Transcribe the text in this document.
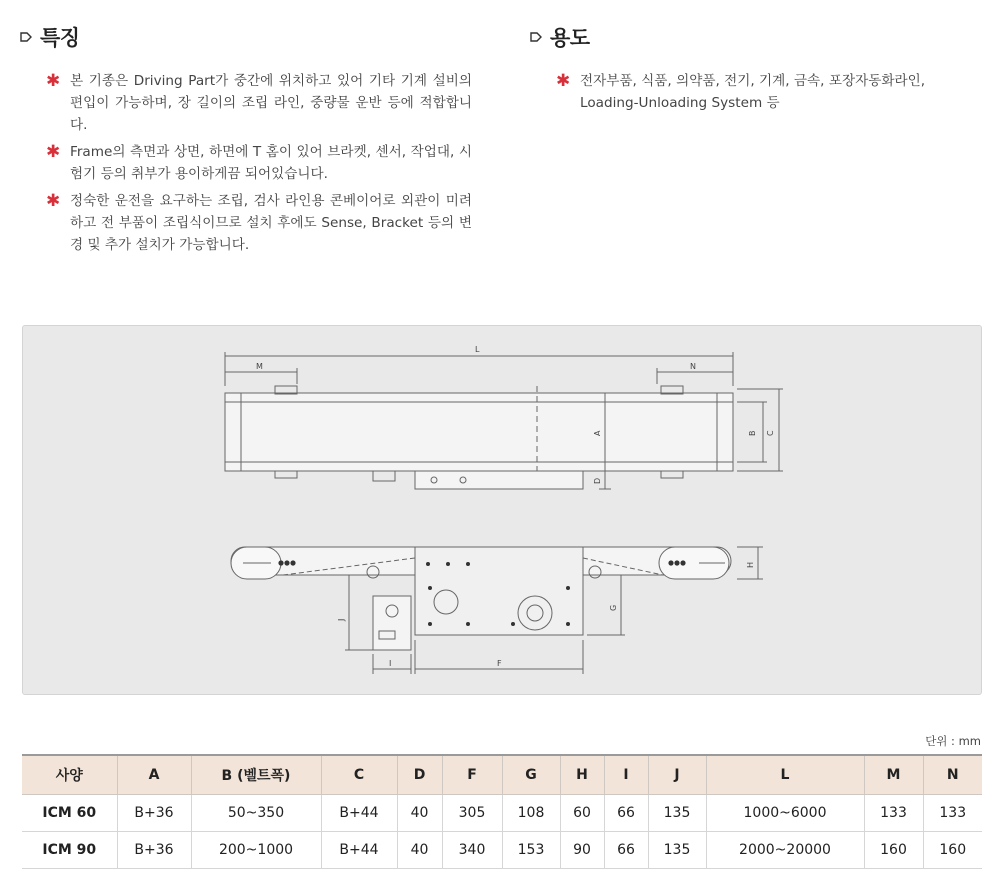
특징
✱ 본 기종은 Driving Part가 중간에 위치하고 있어 기타 기계 설비의 편입이 가능하며, 장 길이의 조립 라인, 중량물 운반 등에 적합합니다.
✱ Frame의 측면과 상면, 하면에 T 홈이 있어 브라켓, 센서, 작업대, 시험기 등의 취부가 용이하게끔 되어있습니다.
✱ 정숙한 운전을 요구하는 조립, 검사 라인용 콘베이어로 외관이 미려하고 전 부품이 조립식이므로 설치 후에도 Sense, Bracket 등의 변경 및 추가 설치가 가능합니다.
용도
✱ 전자부품, 식품, 의약품, 전기, 기계, 금속, 포장자동화라인, Loading-Unloading System 등
L
M	N
A	B C
D
H
G
J
I	F
단위 : mm
사양	A	B (벨트폭)	C	D	F	G	H	I	J	L	M	N
ICM 60	B+36	50~350	B+44	40	305	108	60	66	135	1000~6000	133	133
ICM 90	B+36	200~1000	B+44	40	340	153	90	66	135	2000~20000	160	160
